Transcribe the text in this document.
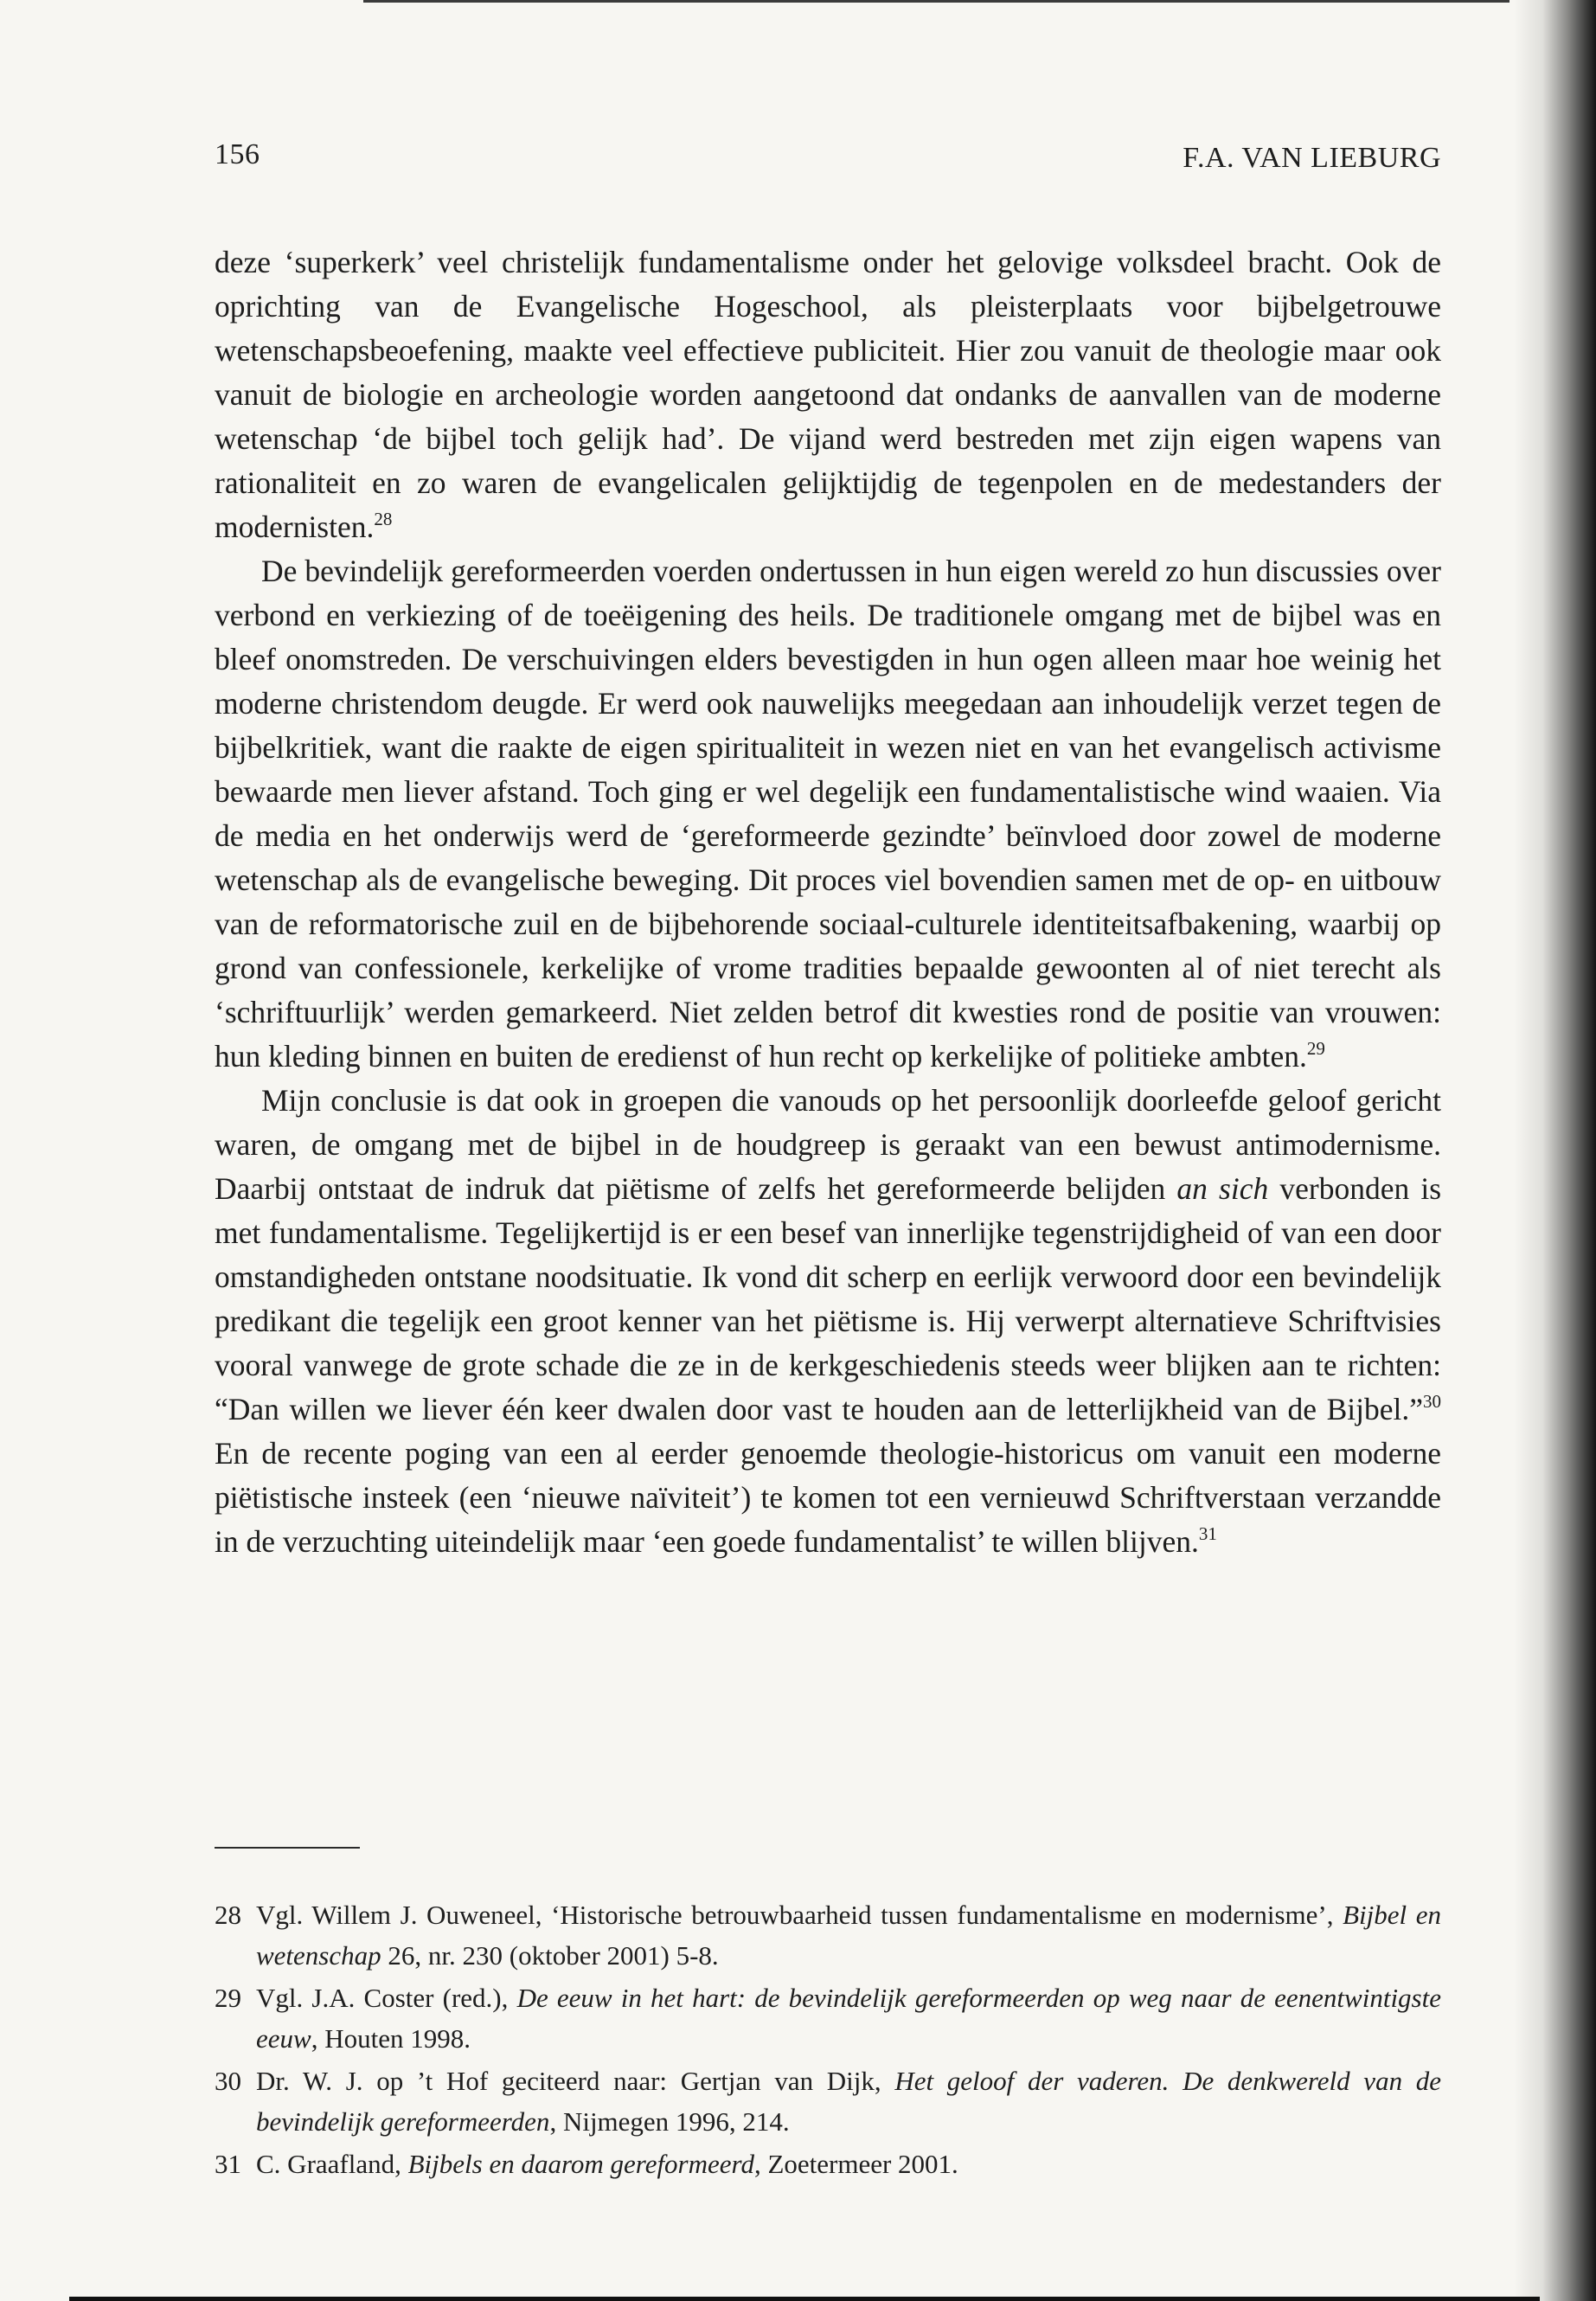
156	F.A. VAN LIEBURG

deze ‘superkerk’ veel christelijk fundamentalisme onder het gelovige volksdeel bracht. Ook de oprichting van de Evangelische Hogeschool, als pleisterplaats voor bijbelgetrouwe wetenschapsbeoefening, maakte veel effectieve publiciteit. Hier zou vanuit de theologie maar ook vanuit de biologie en archeologie worden aangetoond dat ondanks de aanvallen van de moderne wetenschap ‘de bijbel toch gelijk had’. De vijand werd bestreden met zijn eigen wapens van rationaliteit en zo waren de evangelicalen gelijktijdig de tegenpolen en de medestanders der modernisten.$^{28}$

De bevindelijk gereformeerden voerden ondertussen in hun eigen wereld zo hun discussies over verbond en verkiezing of de toeëigening des heils. De traditionele omgang met de bijbel was en bleef onomstreden. De verschuivingen elders bevestigden in hun ogen alleen maar hoe weinig het moderne christendom deugde. Er werd ook nauwelijks meegedaan aan inhoudelijk verzet tegen de bijbelkritiek, want die raakte de eigen spiritualiteit in wezen niet en van het evangelisch activisme bewaarde men liever afstand. Toch ging er wel degelijk een fundamentalistische wind waaien. Via de media en het onderwijs werd de ‘gereformeerde gezindte’ beïnvloed door zowel de moderne wetenschap als de evangelische beweging. Dit proces viel bovendien samen met de op- en uitbouw van de reformatorische zuil en de bijbehorende sociaal-culturele identiteitsafbakening, waarbij op grond van confessionele, kerkelijke of vrome tradities bepaalde gewoonten al of niet terecht als ‘schriftuurlijk’ werden gemarkeerd. Niet zelden betrof dit kwesties rond de positie van vrouwen: hun kleding binnen en buiten de eredienst of hun recht op kerkelijke of politieke ambten.$^{29}$

Mijn conclusie is dat ook in groepen die vanouds op het persoonlijk doorleefde geloof gericht waren, de omgang met de bijbel in de houdgreep is geraakt van een bewust antimodernisme. Daarbij ontstaat de indruk dat piëtisme of zelfs het gereformeerde belijden an sich verbonden is met fundamentalisme. Tegelijkertijd is er een besef van innerlijke tegenstrijdigheid of van een door omstandigheden ontstane noodsituatie. Ik vond dit scherp en eerlijk verwoord door een bevindelijk predikant die tegelijk een groot kenner van het piëtisme is. Hij verwerpt alternatieve Schriftvisies vooral vanwege de grote schade die ze in de kerkgeschiedenis steeds weer blijken aan te richten: “Dan willen we liever één keer dwalen door vast te houden aan de letterlijkheid van de Bijbel.”$^{30}$ En de recente poging van een al eerder genoemde theologie-historicus om vanuit een moderne piëtistische insteek (een ‘nieuwe naïviteit’) te komen tot een vernieuwd Schriftverstaan verzandde in de verzuchting uiteindelijk maar ‘een goede fundamentalist’ te willen blijven.$^{31}$

28 Vgl. Willem J. Ouweneel, ‘Historische betrouwbaarheid tussen fundamentalisme en modernisme’, Bijbel en wetenschap 26, nr. 230 (oktober 2001) 5-8.
29 Vgl. J.A. Coster (red.), De eeuw in het hart: de bevindelijk gereformeerden op weg naar de eenentwintigste eeuw, Houten 1998.
30 Dr. W. J. op ’t Hof geciteerd naar: Gertjan van Dijk, Het geloof der vaderen. De denkwereld van de bevindelijk gereformeerden, Nijmegen 1996, 214.
31 C. Graafland, Bijbels en daarom gereformeerd, Zoetermeer 2001.
